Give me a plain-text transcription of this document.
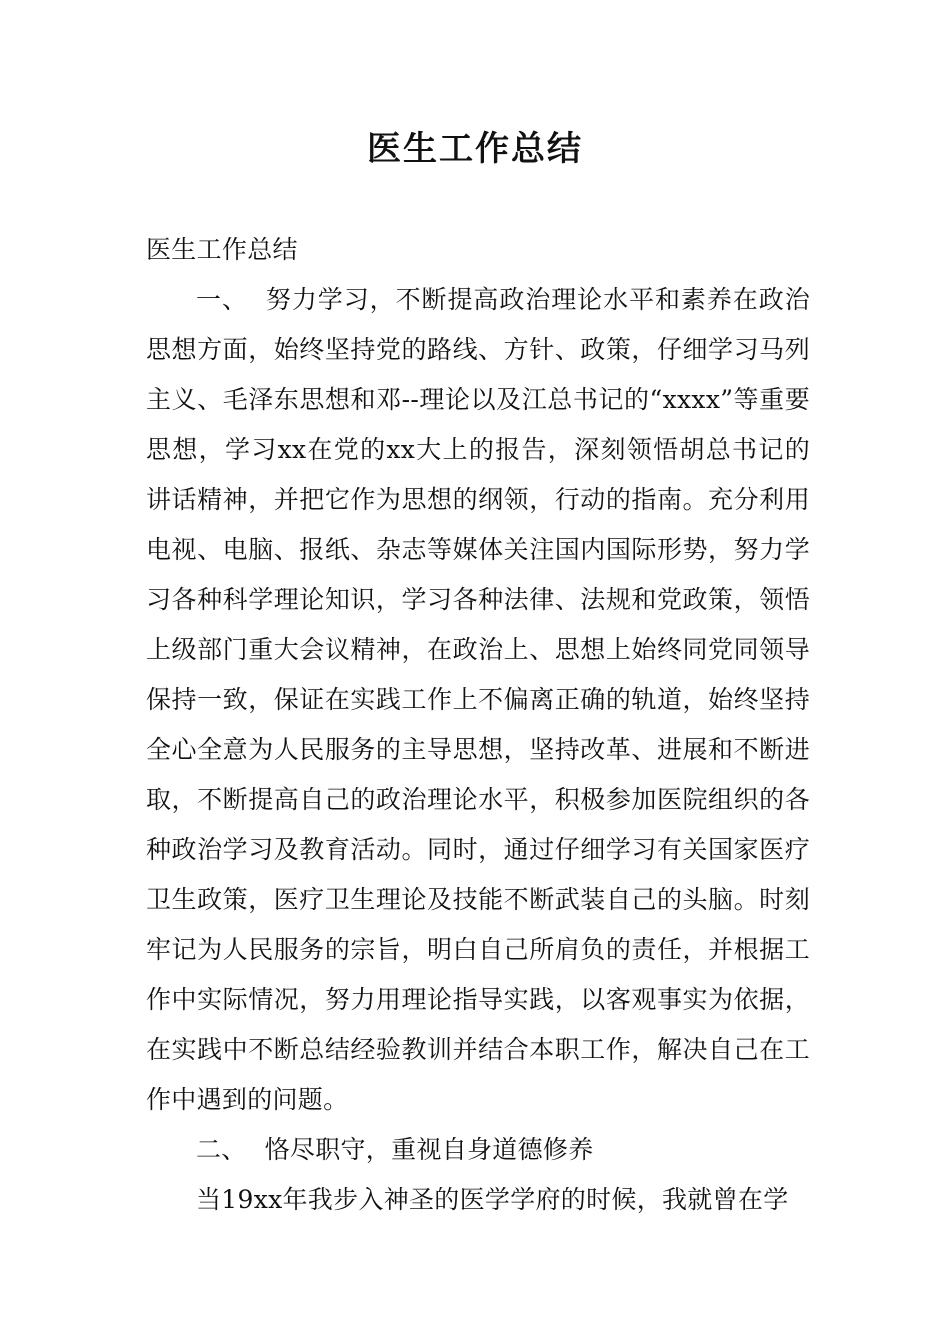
医生工作总结

医生工作总结

一、 努力学习，不断提高政治理论水平和素养在政治思想方面，始终坚持党的路线、方针、政策，仔细学习马列主义、毛泽东思想和邓--理论以及江总书记的“xxxx”等重要思想，学习xx在党的xx大上的报告，深刻领悟胡总书记的讲话精神，并把它作为思想的纲领，行动的指南。充分利用电视、电脑、报纸、杂志等媒体关注国内国际形势，努力学习各种科学理论知识，学习各种法律、法规和党政策，领悟上级部门重大会议精神，在政治上、思想上始终同党同领导保持一致，保证在实践工作上不偏离正确的轨道，始终坚持全心全意为人民服务的主导思想，坚持改革、进展和不断进取，不断提高自己的政治理论水平，积极参加医院组织的各种政治学习及教育活动。同时，通过仔细学习有关国家医疗卫生政策，医疗卫生理论及技能不断武装自己的头脑。时刻牢记为人民服务的宗旨，明白自己所肩负的责任，并根据工作中实际情况，努力用理论指导实践，以客观事实为依据，在实践中不断总结经验教训并结合本职工作，解决自己在工作中遇到的问题。

二、 恪尽职守，重视自身道德修养

当19xx年我步入神圣的医学学府的时候，我就曾在学
